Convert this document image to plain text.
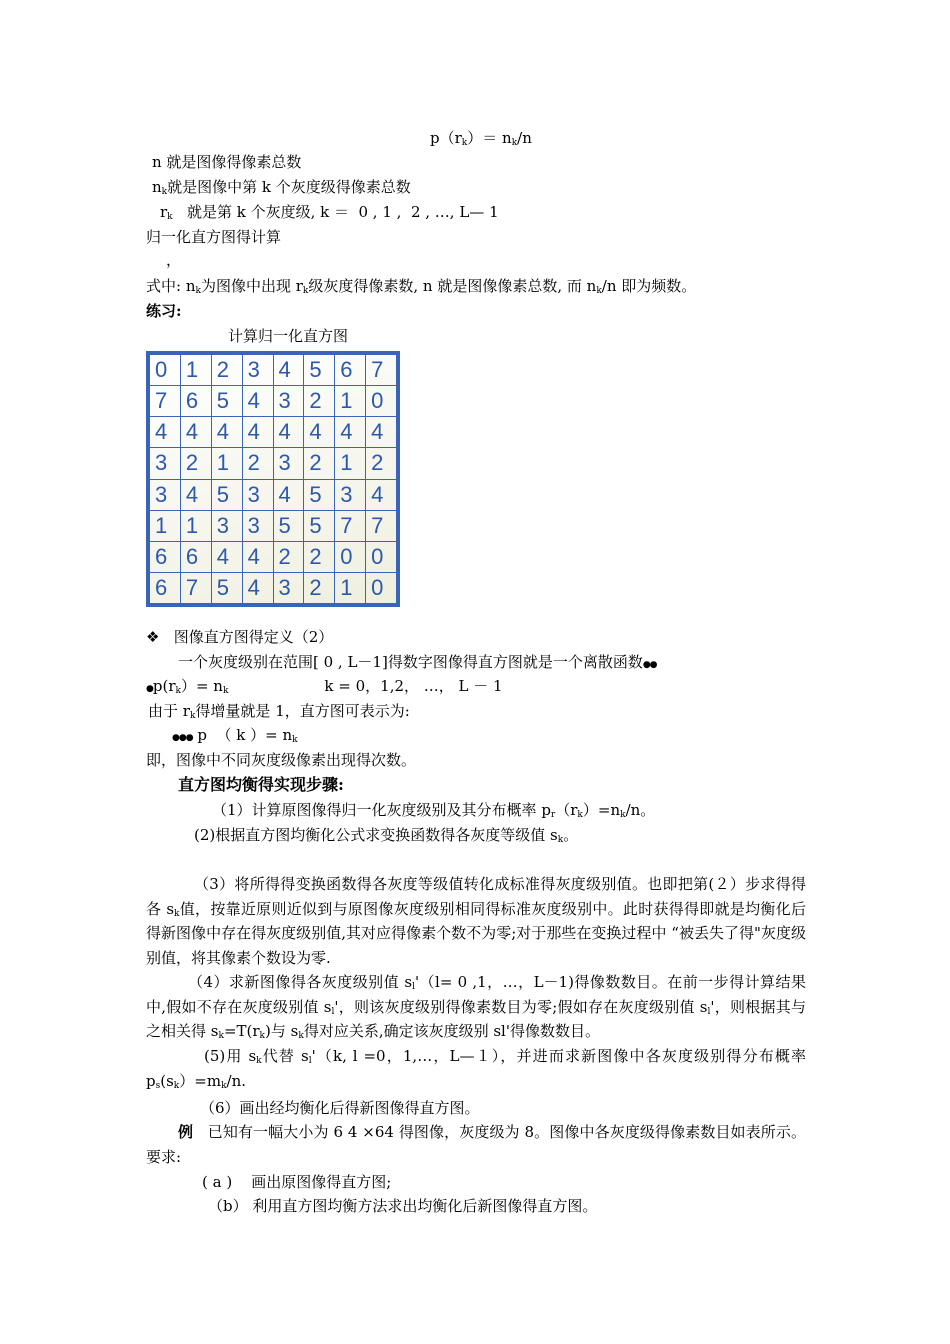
$p(r_k)= n_k/n$
n 就是图像得像素总数
$n_k$就是图像中第 k 个灰度级得像素总数
$r_k$   就是第 k 个灰度级, k ＝  0 , 1 ,  2 , …, L— 1
归一化直方图得计算
，
式中: $n_k$为图像中出现 $r_k$级灰度得像素数, n 就是图像像素总数, 而 $n_k/n$ 即为频数。
练习:
计算归一化直方图
0	1	2	3	4	5	6	7
7	6	5	4	3	2	1	0
4	4	4	4	4	4	4	4
3	2	1	2	3	2	1	2
3	4	5	3	4	5	3	4
1	1	3	3	5	5	7	7
6	6	4	4	2	2	0	0
6	7	5	4	3	2	1	0
❖ 图像直方图得定义（2）
一个灰度级别在范围[ 0 , L－1]得数字图像得直方图就是一个离散函数●●
$●p(r_k)= n_k$	k = 0，1,2， …， L － 1
由于 $r_k$得增量就是 1，直方图可表示为:
●●● p  （ k ）= $n_k$
即，图像中不同灰度级像素出现得次数。
直方图均衡得实现步骤:
（1）计算原图像得归一化灰度级别及其分布概率 $p_r(r_k)=n_k/n$。
(2)根据直方图均衡化公式求变换函数得各灰度等级值 $s_k$。
（3）将所得得变换函数得各灰度等级值转化成标准得灰度级别值。也即把第(２）步求得得各 $s_k$值，按靠近原则近似到与原图像灰度级别相同得标准灰度级别中。此时获得得即就是均衡化后得新图像中存在得灰度级别值,其对应得像素个数不为零;对于那些在变换过程中 “被丢失了得"灰度级别值，将其像素个数设为零.
（4）求新图像得各灰度级别值 $s_l'(l= 0$ ,1，…，L－1)得像数数目。在前一步得计算结果中,假如不存在灰度级别值 $s_l'$，则该灰度级别得像素数目为零;假如存在灰度级别值 $s_l'$，则根据其与之相关得 $s_k=T(r_k)$与 $s_k$得对应关系,确定该灰度级别 sl'得像数数目。
(5)用 $s_k$代替 $s_l'(k$, l =0，1,…，L—１），并进而求新图像中各灰度级别得分布概率 $p_s(s_k)=m_k/n$.
（6）画出经均衡化后得新图像得直方图。
例 已知有一幅大小为 6 4 ×64 得图像，灰度级为 8。图像中各灰度级得像素数目如表所示。要求:
( a )    画出原图像得直方图;
（b） 利用直方图均衡方法求出均衡化后新图像得直方图。
